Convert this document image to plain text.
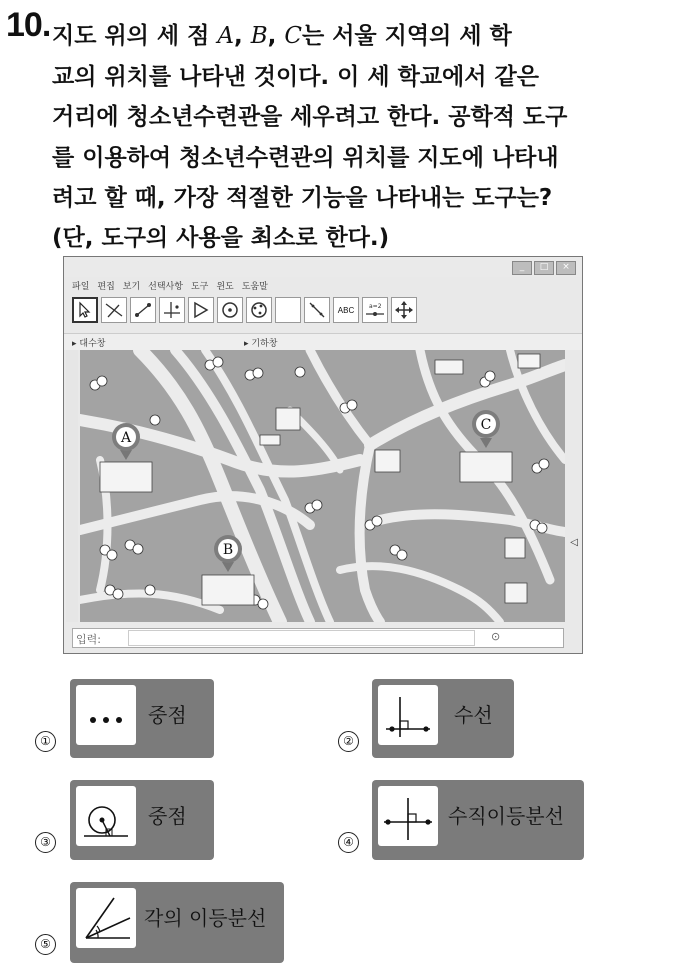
10. 지도 위의 세 점 A, B, C는 서울 지역의 세 학
교의 위치를 나타낸 것이다. 이 세 학교에서 같은
거리에 청소년수련관을 세우려고 한다. 공학적 도구
를 이용하여 청소년수련관의 위치를 지도에 나타내
려고 할 때, 가장 적절한 기능을 나타내는 도구는?
(단, 도구의 사용을 최소로 한다.)
_	□	×
파일 편집 보기 선택사항 도구 윈도 도움말
ABC a=2
▸ 대수창	▸ 기하창
A
C
B	◁
입력:	⊙
①
중점
②
수선
③
중점
④
수직이등분선
⑤
각의 이등분선
